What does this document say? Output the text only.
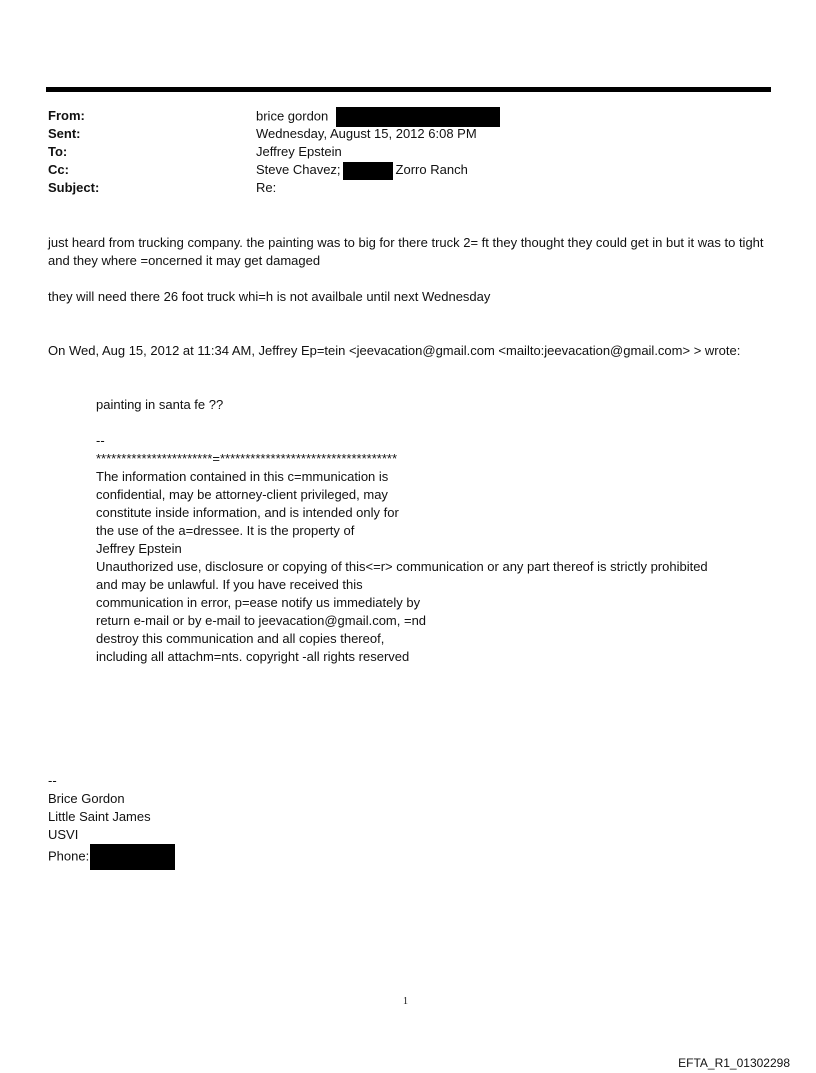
From:	brice gordon
Sent:	Wednesday, August 15, 2012 6:08 PM
To:	Jeffrey Epstein
Cc:	Steve Chavez;	Zorro Ranch
Subject:	Re:
just heard from trucking company. the painting was to big for there truck 2= ft they thought they could get in but it was to tight and they where =oncerned it may get damaged
they will need there 26 foot truck whi=h is not availbale until next Wednesday
On Wed, Aug 15, 2012 at 11:34 AM, Jeffrey Ep=tein <jeevacation@gmail.com <mailto:jeevacation@gmail.com> > wrote:
painting in santa fe ??
--
***********************=***********************************
The information contained in this c=mmunication is
confidential, may be attorney-client privileged, may
constitute inside information, and is intended only for
the use of the a=dressee. It is the property of
Jeffrey Epstein
Unauthorized use, disclosure or copying of this<=r> communication or any part thereof is strictly prohibited
and may be unlawful. If you have received this
communication in error, p=ease notify us immediately by
return e-mail or by e-mail to jeevacation@gmail.com, =nd
destroy this communication and all copies thereof,
including all attachm=nts. copyright -all rights reserved
--
Brice Gordon
Little Saint James
USVI
Phone:
1
EFTA_R1_01302298
